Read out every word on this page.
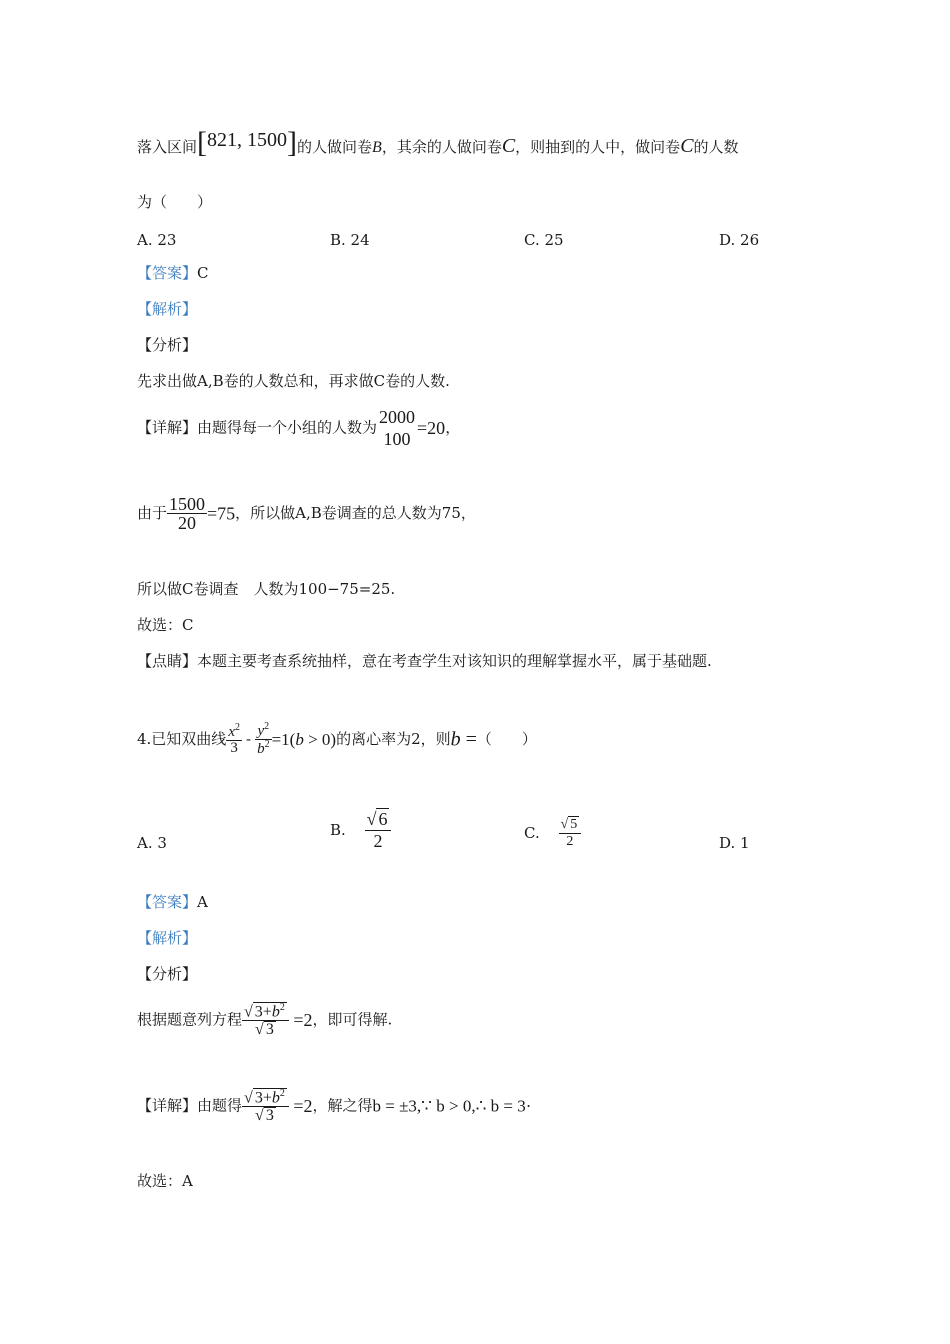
落入区间[821, 1500]的人做问卷B，其余的人做问卷C，则抽到的人中，做问卷C的人数
为（　　）
A. 23	B. 24	C. 25	D. 26
【答案】C
【解析】
【分析】
先求出做A,B卷的人数总和，再求做C卷的人数.
【详解】由题得每一个小组的人数为
2000
100
=20，
由于 $\frac{1500}{20} =75$，所以做A,B卷调查的总人数为75，
所以做C卷调查　人数为100−75=25.
故选：C
【点睛】本题主要考查系统抽样，意在考查学生对该知识的理解掌握水平，属于基础题.
4.已知双曲线 $\frac{x^2}{3} - \frac{y^2}{b^2} =1(b > 0)$的离心率为2，则b =（　　）
A. 3
B. $\frac{√ 6}{2}$	C. $\frac{√ 5}{2}$	D. 1
【答案】A
【解析】
【分析】
根据题意列方程 $\frac{√ 3+b^2}{√ 3} =2$，即可得解.
【详解】由题得 $\frac{√ 3+b^2}{√ 3} =2$，解之得b = ±3,∵ b > 0,∴ b = 3·
故选：A
